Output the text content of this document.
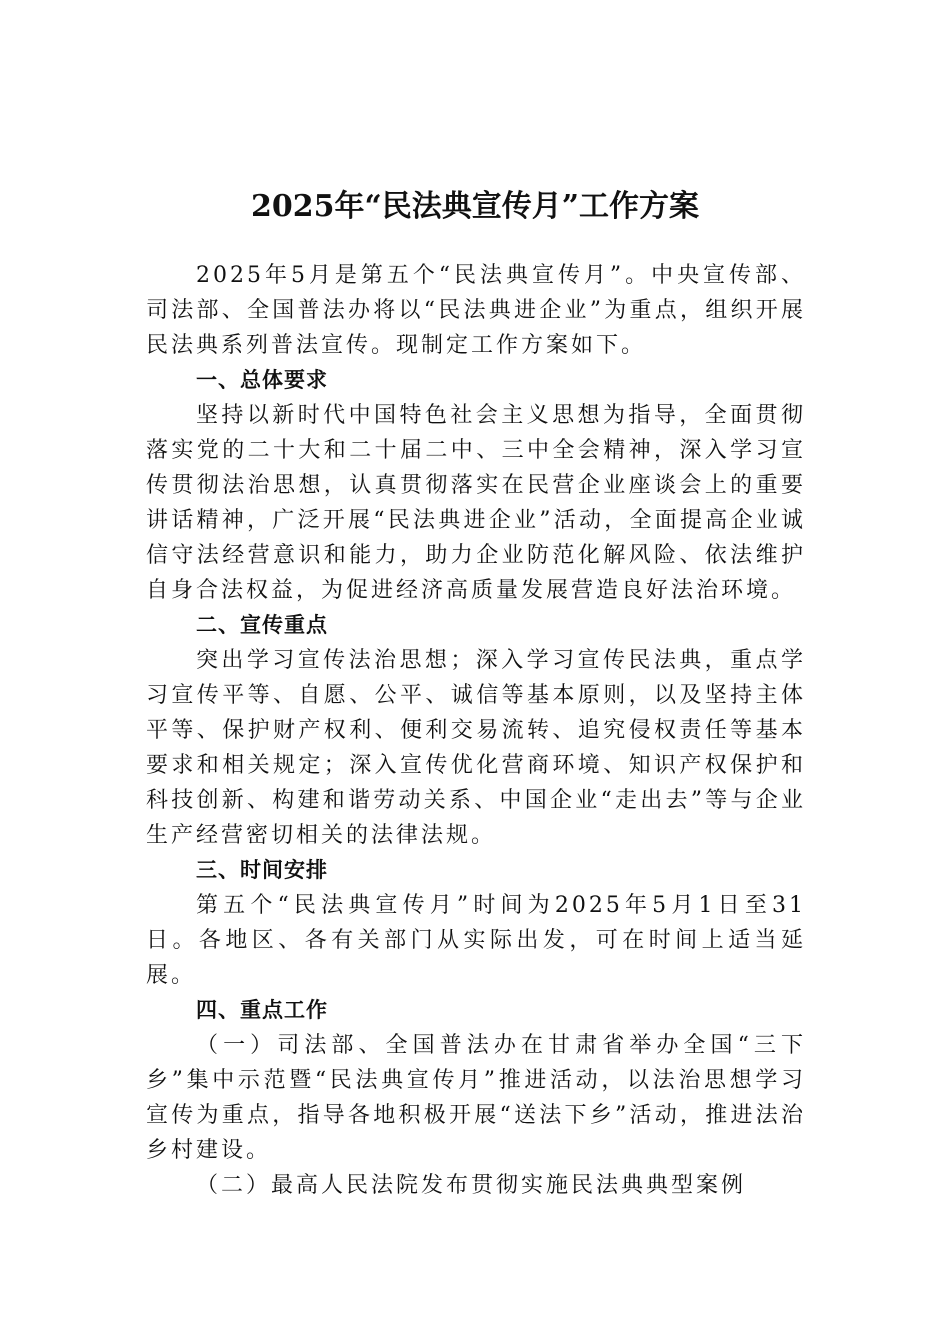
2025年“民法典宣传月”工作方案

2025年5月是第五个“民法典宣传月”。中央宣传部、司法部、全国普法办将以“民法典进企业”为重点，组织开展民法典系列普法宣传。现制定工作方案如下。

一、总体要求

坚持以新时代中国特色社会主义思想为指导，全面贯彻落实党的二十大和二十届二中、三中全会精神，深入学习宣传贯彻法治思想，认真贯彻落实在民营企业座谈会上的重要讲话精神，广泛开展“民法典进企业”活动，全面提高企业诚信守法经营意识和能力，助力企业防范化解风险、依法维护自身合法权益，为促进经济高质量发展营造良好法治环境。

二、宣传重点

突出学习宣传法治思想；深入学习宣传民法典，重点学习宣传平等、自愿、公平、诚信等基本原则，以及坚持主体平等、保护财产权利、便利交易流转、追究侵权责任等基本要求和相关规定；深入宣传优化营商环境、知识产权保护和科技创新、构建和谐劳动关系、中国企业“走出去”等与企业生产经营密切相关的法律法规。

三、时间安排

第五个“民法典宣传月”时间为2025年5月1日至31日。各地区、各有关部门从实际出发，可在时间上适当延展。

四、重点工作

（一）司法部、全国普法办在甘肃省举办全国“三下乡”集中示范暨“民法典宣传月”推进活动，以法治思想学习宣传为重点，指导各地积极开展“送法下乡”活动，推进法治乡村建设。

（二）最高人民法院发布贯彻实施民法典典型案例
